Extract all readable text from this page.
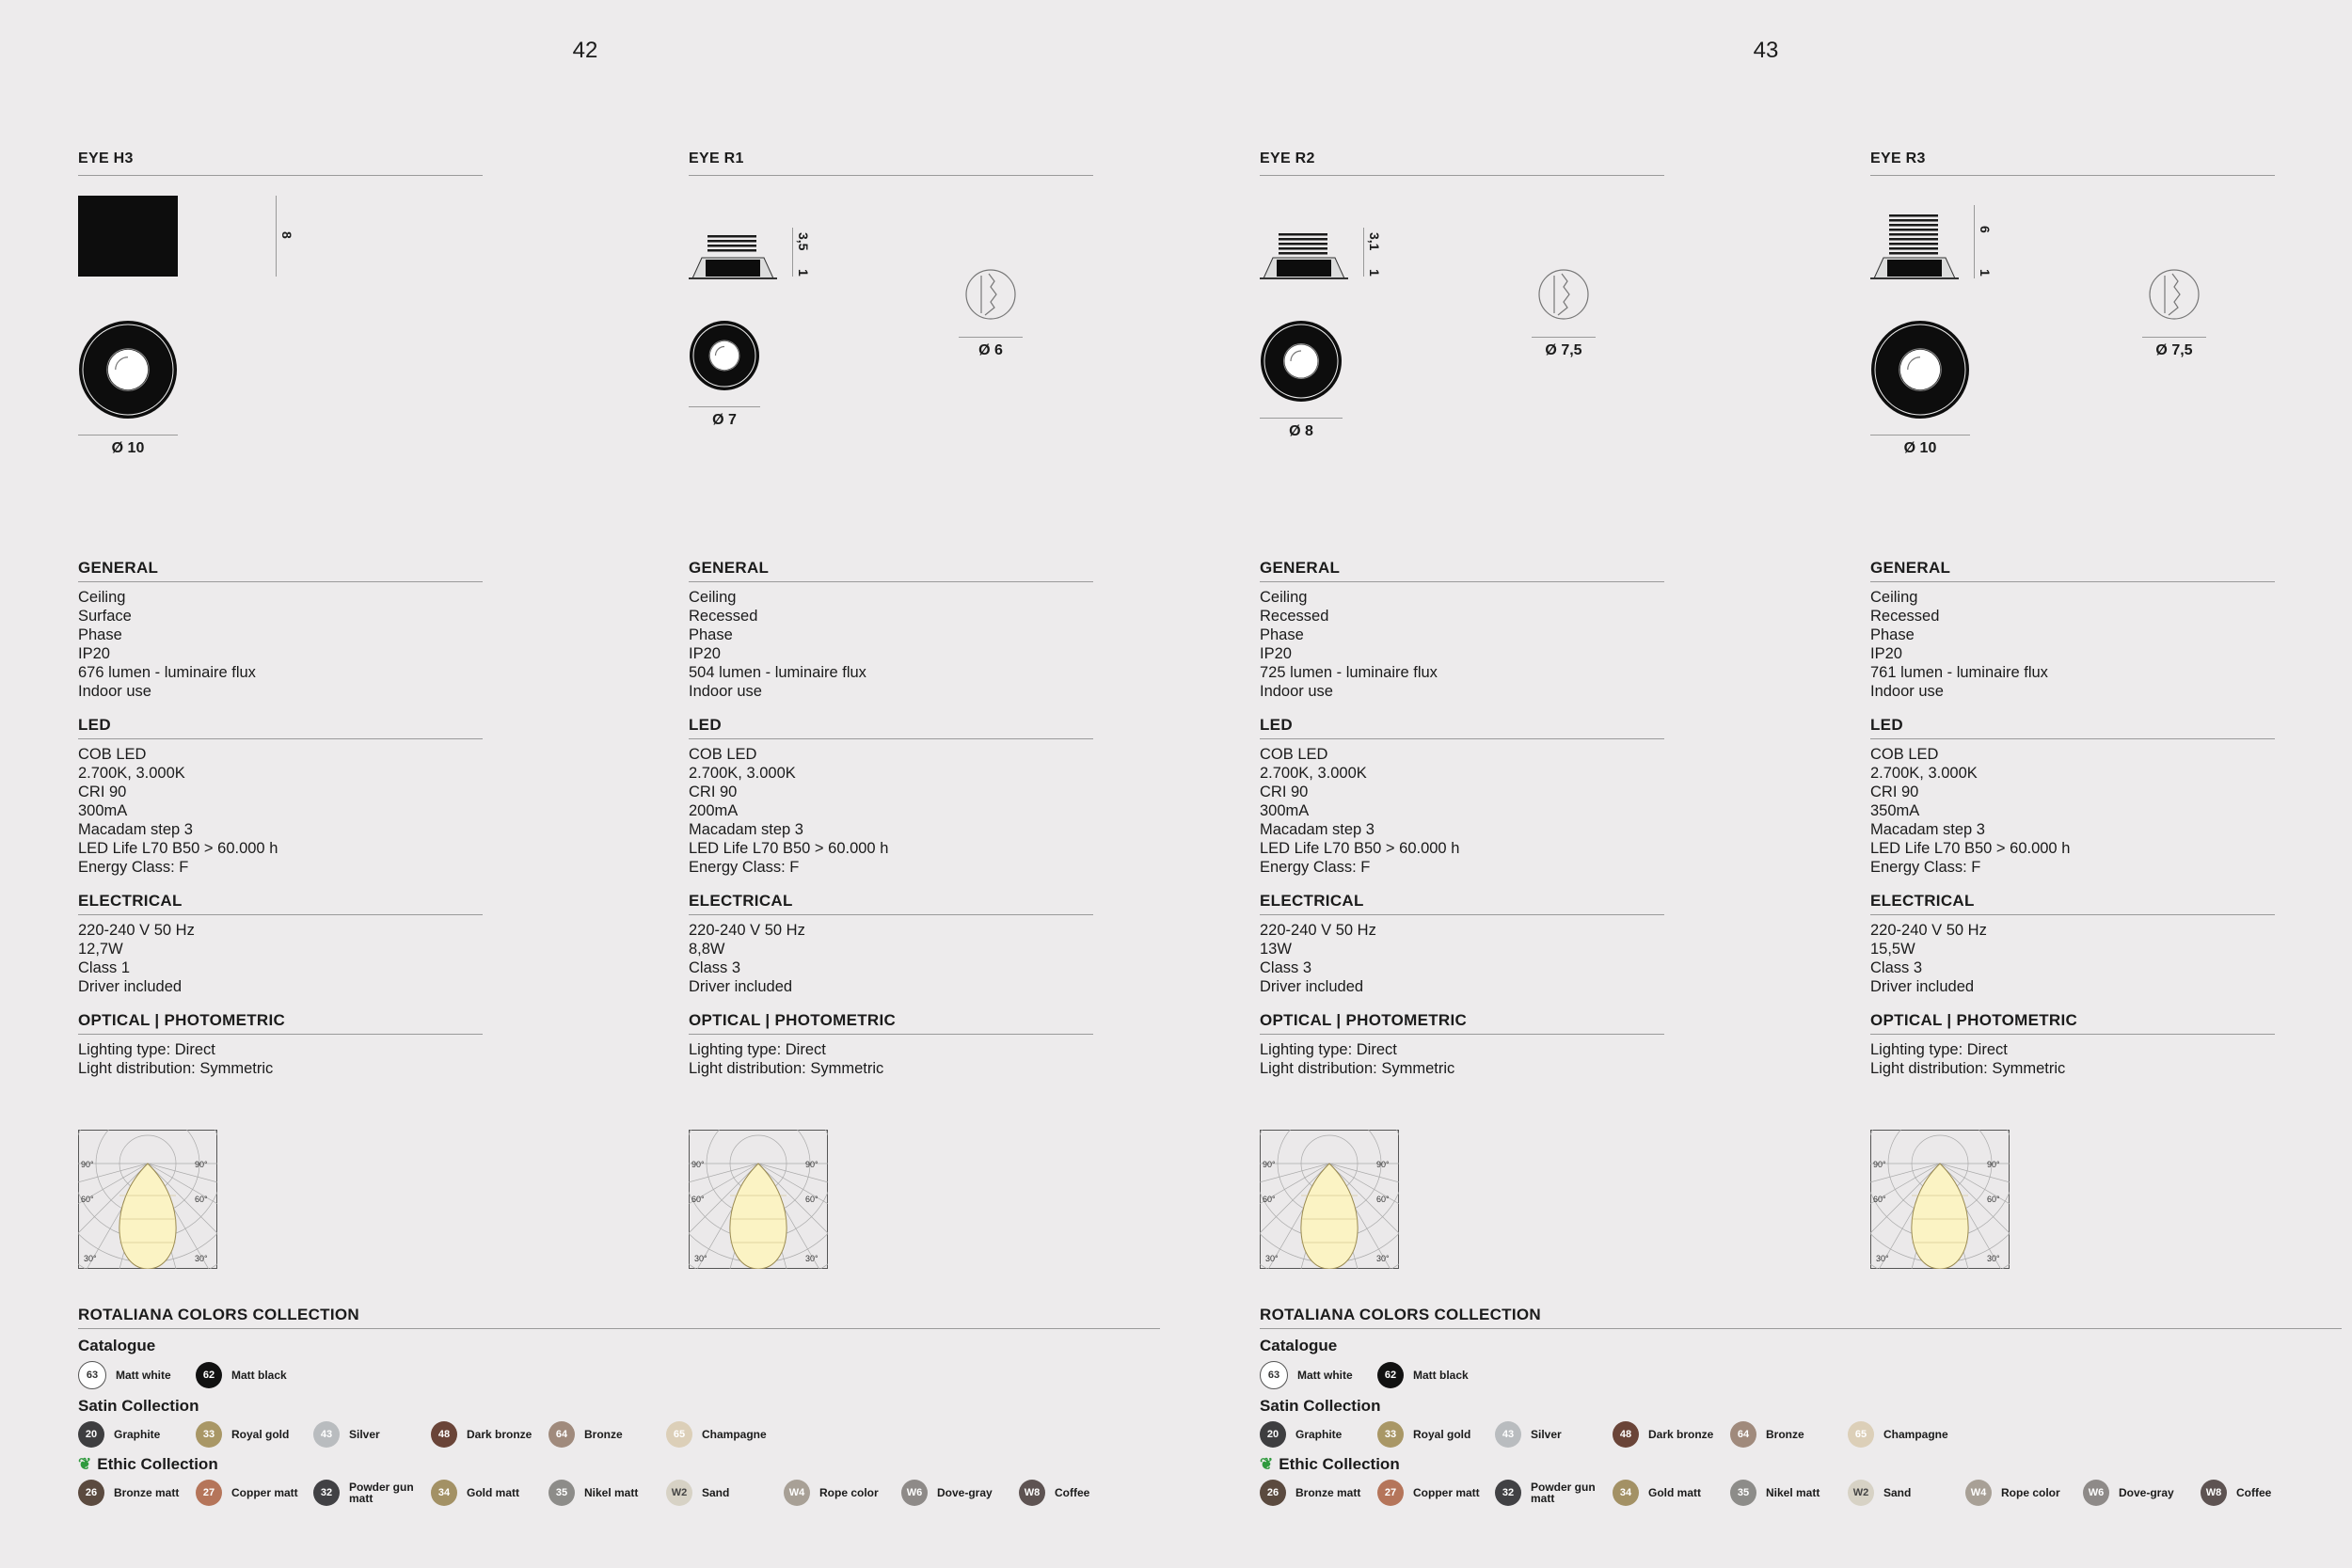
42	43
EYE H3
8
Ø 10
GENERAL
Ceiling
Surface
Phase
IP20
676 lumen - luminaire flux
Indoor use
LED
COB LED
2.700K, 3.000K
CRI 90
300mA
Macadam step 3
LED Life L70 B50 > 60.000 h
Energy Class: F
ELECTRICAL
220-240 V 50 Hz
12,7W
Class 1
Driver included
OPTICAL | PHOTOMETRIC
Lighting type: Direct
Light distribution: Symmetric
90°	90°
60°	60°
30°	30°
EYE R1
3,5
1
Ø 7
Ø 6
GENERAL
Ceiling
Recessed
Phase
IP20
504 lumen - luminaire flux
Indoor use
LED
COB LED
2.700K, 3.000K
CRI 90
200mA
Macadam step 3
LED Life L70 B50 > 60.000 h
Energy Class: F
ELECTRICAL
220-240 V 50 Hz
8,8W
Class 3
Driver included
OPTICAL | PHOTOMETRIC
Lighting type: Direct
Light distribution: Symmetric
90°	90°
60°	60°
30°	30°
EYE R2
3,1
1
Ø 8
Ø 7,5
GENERAL
Ceiling
Recessed
Phase
IP20
725 lumen - luminaire flux
Indoor use
LED
COB LED
2.700K, 3.000K
CRI 90
300mA
Macadam step 3
LED Life L70 B50 > 60.000 h
Energy Class: F
ELECTRICAL
220-240 V 50 Hz
13W
Class 3
Driver included
OPTICAL | PHOTOMETRIC
Lighting type: Direct
Light distribution: Symmetric
90°	90°
60°	60°
30°	30°
EYE R3
6
1
Ø 10
Ø 7,5
GENERAL
Ceiling
Recessed
Phase
IP20
761 lumen - luminaire flux
Indoor use
LED
COB LED
2.700K, 3.000K
CRI 90
350mA
Macadam step 3
LED Life L70 B50 > 60.000 h
Energy Class: F
ELECTRICAL
220-240 V 50 Hz
15,5W
Class 3
Driver included
OPTICAL | PHOTOMETRIC
Lighting type: Direct
Light distribution: Symmetric
90°	90°
60°	60°
30°	30°
ROTALIANA COLORS COLLECTION
Catalogue
63	Matt white	62	Matt black
Satin Collection
20	Graphite	33	Royal gold	43	Silver	48	Dark bronze	64	Bronze	65	Champagne
❦ Ethic Collection
26	Bronze matt	27	Copper matt	32	Powder gun matt	34	Gold matt	35	Nikel matt	W2	Sand	W4	Rope color	W6	Dove-gray	W8	Coffee
ROTALIANA COLORS COLLECTION
Catalogue
63	Matt white	62	Matt black
Satin Collection
20	Graphite	33	Royal gold	43	Silver	48	Dark bronze	64	Bronze	65	Champagne
❦ Ethic Collection
26	Bronze matt	27	Copper matt	32	Powder gun matt	34	Gold matt	35	Nikel matt	W2	Sand	W4	Rope color	W6	Dove-gray	W8	Coffee
